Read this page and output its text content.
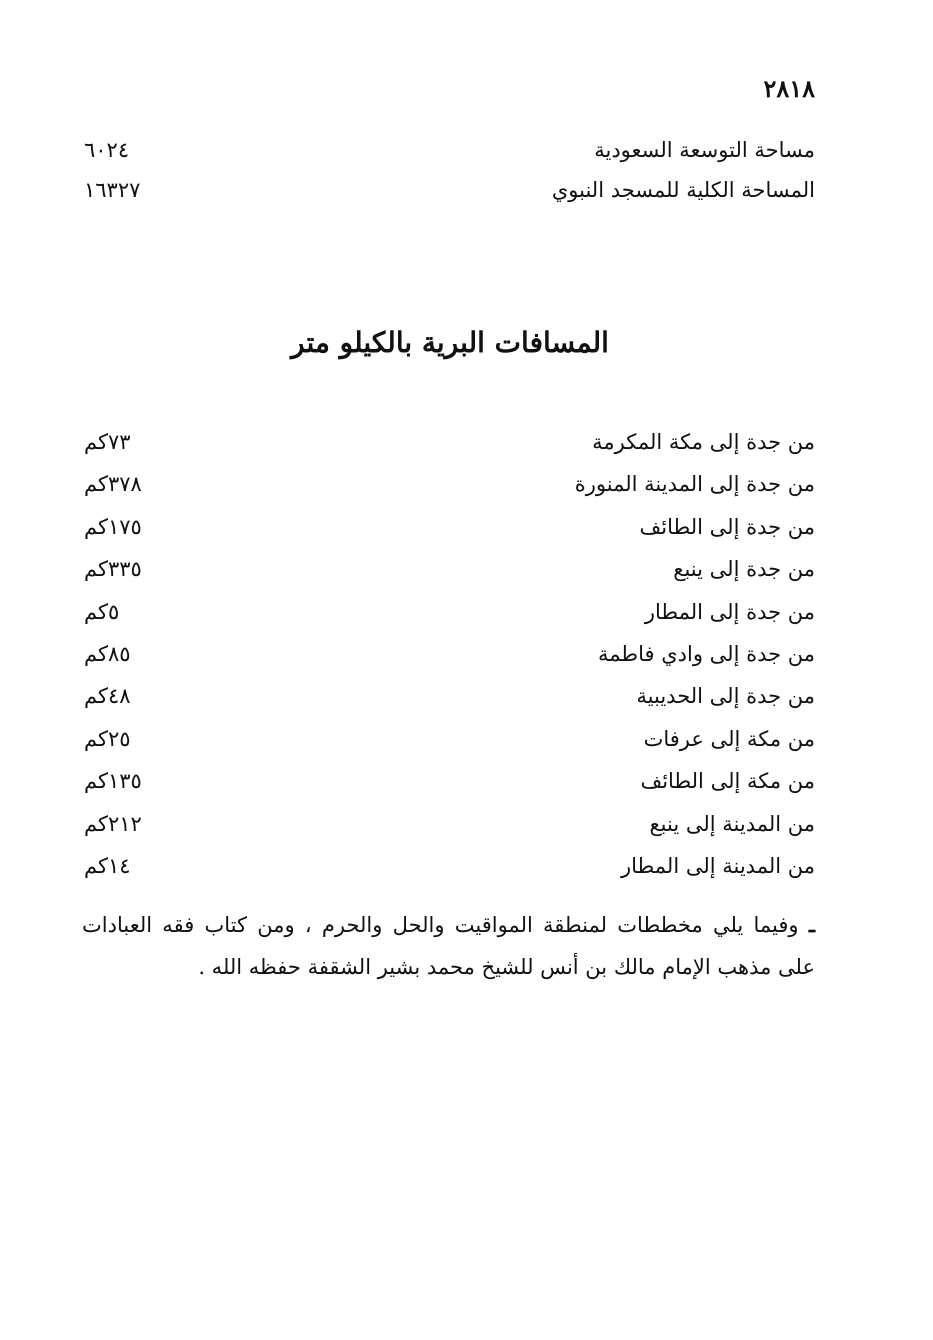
٢٨١٨
مساحة التوسعة السعودية
٦٠٢٤
المساحة الكلية للمسجد النبوي
١٦٣٢٧
المسافات البرية بالكيلو متر
من جدة إلى مكة المكرمة
٧٣كم
من جدة إلى المدينة المنورة
٣٧٨كم
من جدة إلى الطائف
١٧٥كم
من جدة إلى ينبع
٣٣٥كم
من جدة إلى المطار
٥كم
من جدة إلى وادي فاطمة
٨٥كم
من جدة إلى الحديبية
٤٨كم
من مكة إلى عرفات
٢٥كم
من مكة إلى الطائف
١٣٥كم
من المدينة إلى ينبع
٢١٢كم
من المدينة إلى المطار
١٤كم
ـ وفيما يلي مخططات لمنطقة المواقيت والحل والحرم ، ومن كتاب فقه العبادات على مذهب الإمام مالك بن أنس للشيخ محمد بشير الشقفة حفظه الله .
